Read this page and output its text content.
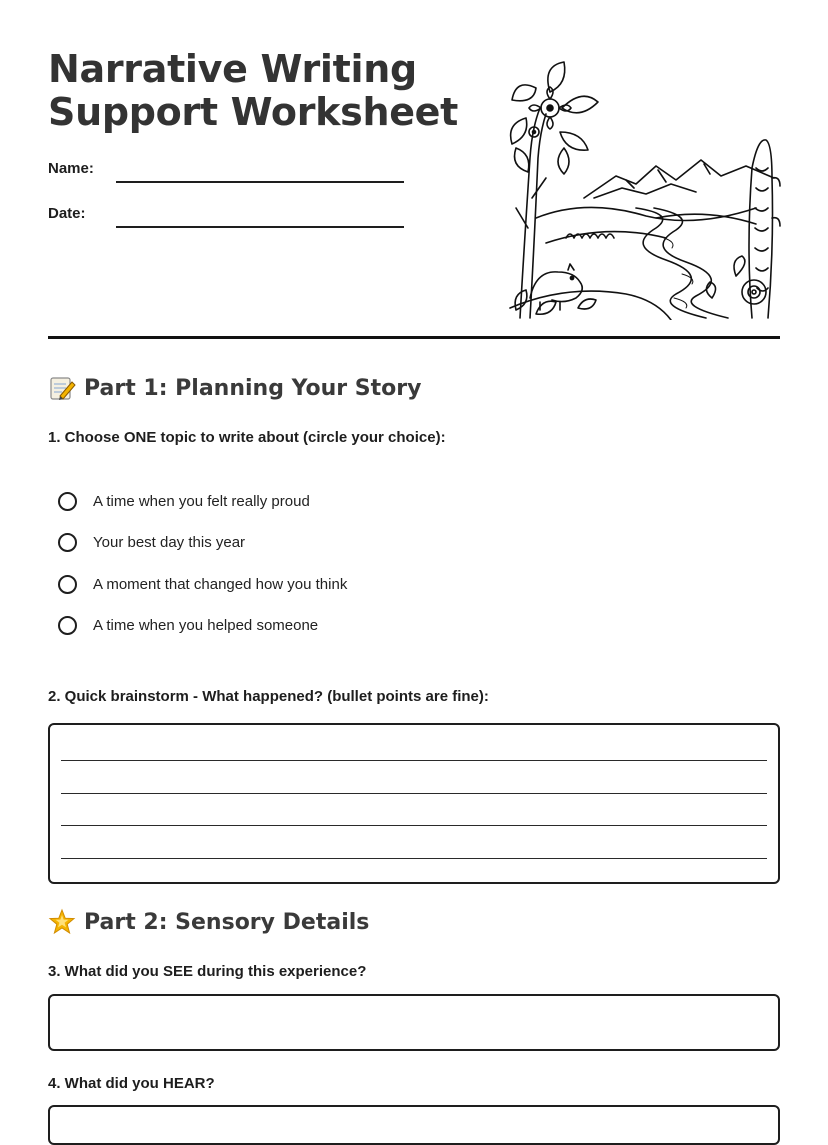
Narrative Writing
Support Worksheet
Name:
Date:
Part 1: Planning Your Story
1. Choose ONE topic to write about (circle your choice):
A time when you felt really proud
Your best day this year
A moment that changed how you think
A time when you helped someone
2. Quick brainstorm - What happened? (bullet points are fine):
Part 2: Sensory Details
3. What did you SEE during this experience?
4. What did you HEAR?
